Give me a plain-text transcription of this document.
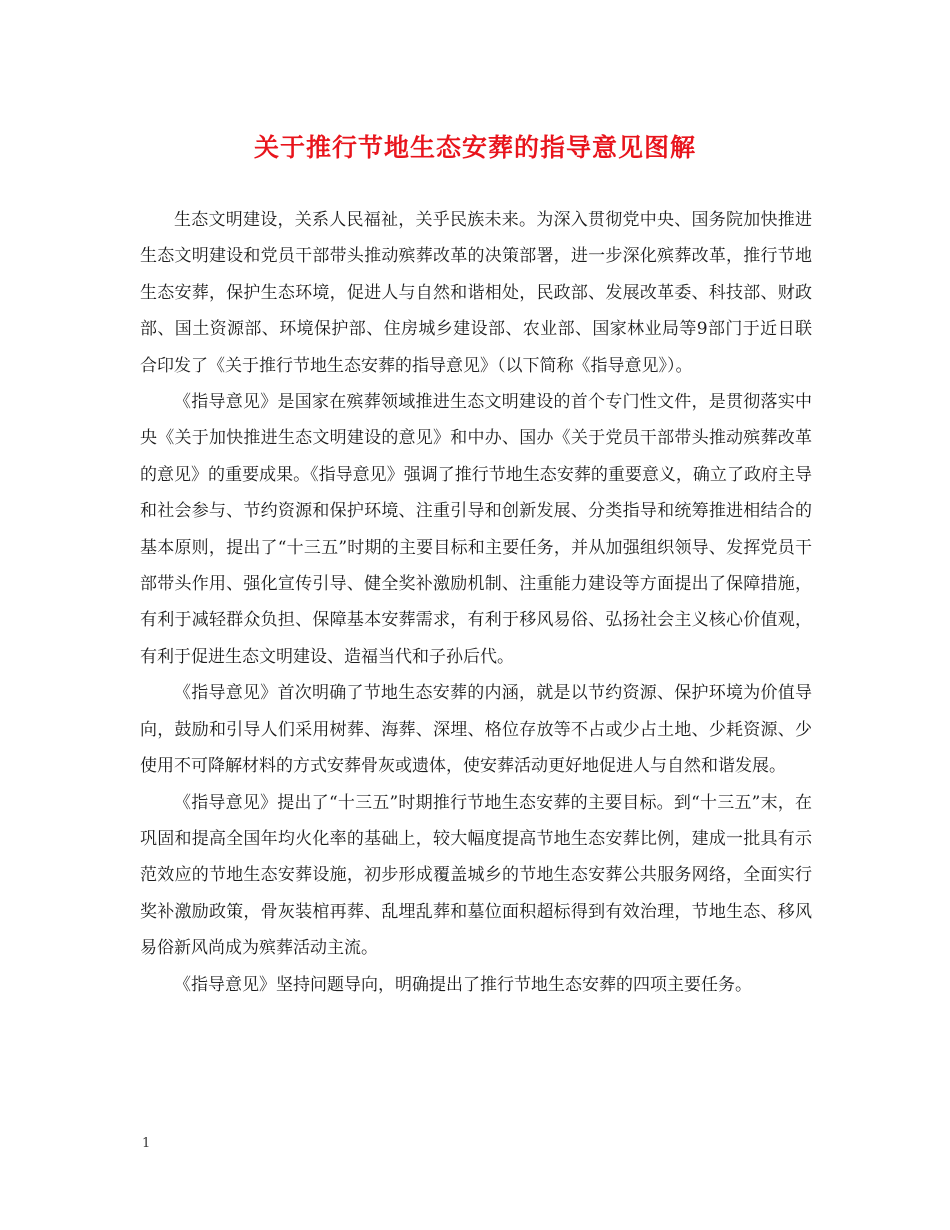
关于推行节地生态安葬的指导意见图解

生态文明建设，关系人民福祉，关乎民族未来。为深入贯彻党中央、国务院加快推进生态文明建设和党员干部带头推动殡葬改革的决策部署，进一步深化殡葬改革，推行节地生态安葬，保护生态环境，促进人与自然和谐相处，民政部、发展改革委、科技部、财政部、国土资源部、环境保护部、住房城乡建设部、农业部、国家林业局等9部门于近日联合印发了《关于推行节地生态安葬的指导意见》（以下简称《指导意见》）。

《指导意见》是国家在殡葬领域推进生态文明建设的首个专门性文件，是贯彻落实中央《关于加快推进生态文明建设的意见》和中办、国办《关于党员干部带头推动殡葬改革的意见》的重要成果。《指导意见》强调了推行节地生态安葬的重要意义，确立了政府主导和社会参与、节约资源和保护环境、注重引导和创新发展、分类指导和统筹推进相结合的基本原则，提出了“十三五”时期的主要目标和主要任务，并从加强组织领导、发挥党员干部带头作用、强化宣传引导、健全奖补激励机制、注重能力建设等方面提出了保障措施，有利于减轻群众负担、保障基本安葬需求，有利于移风易俗、弘扬社会主义核心价值观，有利于促进生态文明建设、造福当代和子孙后代。

《指导意见》首次明确了节地生态安葬的内涵，就是以节约资源、保护环境为价值导向，鼓励和引导人们采用树葬、海葬、深埋、格位存放等不占或少占土地、少耗资源、少使用不可降解材料的方式安葬骨灰或遗体，使安葬活动更好地促进人与自然和谐发展。

《指导意见》提出了“十三五”时期推行节地生态安葬的主要目标。到“十三五”末，在巩固和提高全国年均火化率的基础上，较大幅度提高节地生态安葬比例，建成一批具有示范效应的节地生态安葬设施，初步形成覆盖城乡的节地生态安葬公共服务网络，全面实行奖补激励政策，骨灰装棺再葬、乱埋乱葬和墓位面积超标得到有效治理，节地生态、移风易俗新风尚成为殡葬活动主流。

《指导意见》坚持问题导向，明确提出了推行节地生态安葬的四项主要任务。

1
